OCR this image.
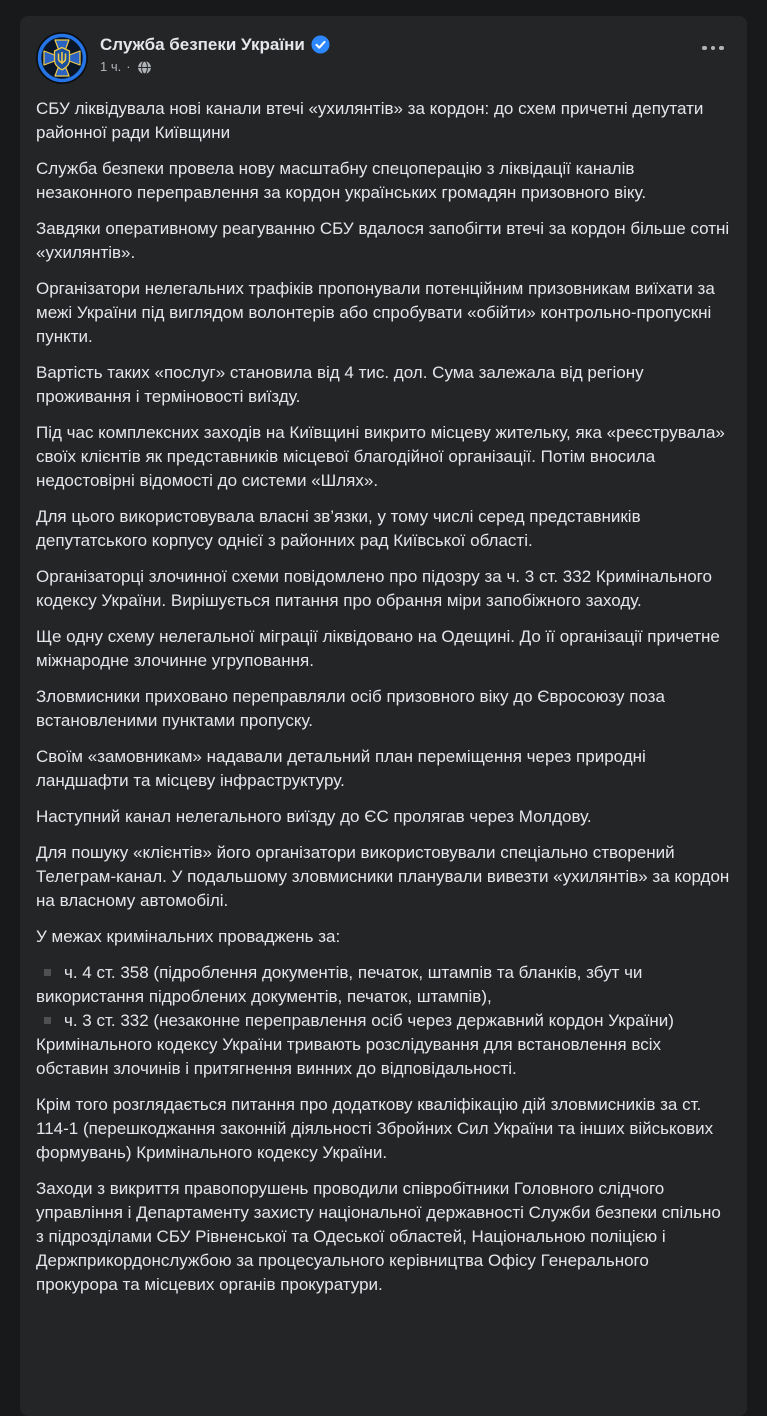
Служба безпеки України
1 ч. ·
СБУ ліквідувала нові канали втечі «ухилянтів» за кордон: до схем причетні депутати районної ради Київщини
Служба безпеки провела нову масштабну спецоперацію з ліквідації каналів незаконного переправлення за кордон українських громадян призовного віку.
Завдяки оперативному реагуванню СБУ вдалося запобігти втечі за кордон більше сотні «ухилянтів».
Організатори нелегальних трафіків пропонували потенційним призовникам виїхати за межі України під виглядом волонтерів або спробувати «обійти» контрольно-пропускні пункти.
Вартість таких «послуг» становила від 4 тис. дол. Сума залежала від регіону проживання і терміновості виїзду.
Під час комплексних заходів на Київщині викрито місцеву жительку, яка «реєструвала» своїх клієнтів як представників місцевої благодійної організації. Потім вносила недостовірні відомості до системи «Шлях».
Для цього використовувала власні зв’язки, у тому числі серед представників депутатського корпусу однієї з районних рад Київської області.
Організаторці злочинної схеми повідомлено про підозру за ч. 3 ст. 332 Кримінального кодексу України. Вирішується питання про обрання міри запобіжного заходу.
Ще одну схему нелегальної міграції ліквідовано на Одещині. До її організації причетне міжнародне злочинне угруповання.
Зловмисники приховано переправляли осіб призовного віку до Євросоюзу поза встановленими пунктами пропуску.
Своїм «замовникам» надавали детальний план переміщення через природні ландшафти та місцеву інфраструктуру.
Наступний канал нелегального виїзду до ЄС пролягав через Молдову.
Для пошуку «клієнтів» його організатори використовували спеціально створений Телеграм-канал. У подальшому зловмисники планували вивезти «ухилянтів» за кордон на власному автомобілі.
У межах кримінальних проваджень за:
ч. 4 ст. 358 (підроблення документів, печаток, штампів та бланків, збут чи використання підроблених документів, печаток, штампів),
ч. 3 ст. 332 (незаконне переправлення осіб через державний кордон України) Кримінального кодексу України тривають розслідування для встановлення всіх обставин злочинів і притягнення винних до відповідальності.
Крім того розглядається питання про додаткову кваліфікацію дій зловмисників за ст. 114-1 (перешкоджання законній діяльності Збройних Сил України та інших військових формувань) Кримінального кодексу України.
Заходи з викриття правопорушень проводили співробітники Головного слідчого управління і Департаменту захисту національної державності Служби безпеки спільно з підрозділами СБУ Рівненської та Одеської областей, Національною поліцією і Держприкордонслужбою за процесуального керівництва Офісу Генерального прокурора та місцевих органів прокуратури.
